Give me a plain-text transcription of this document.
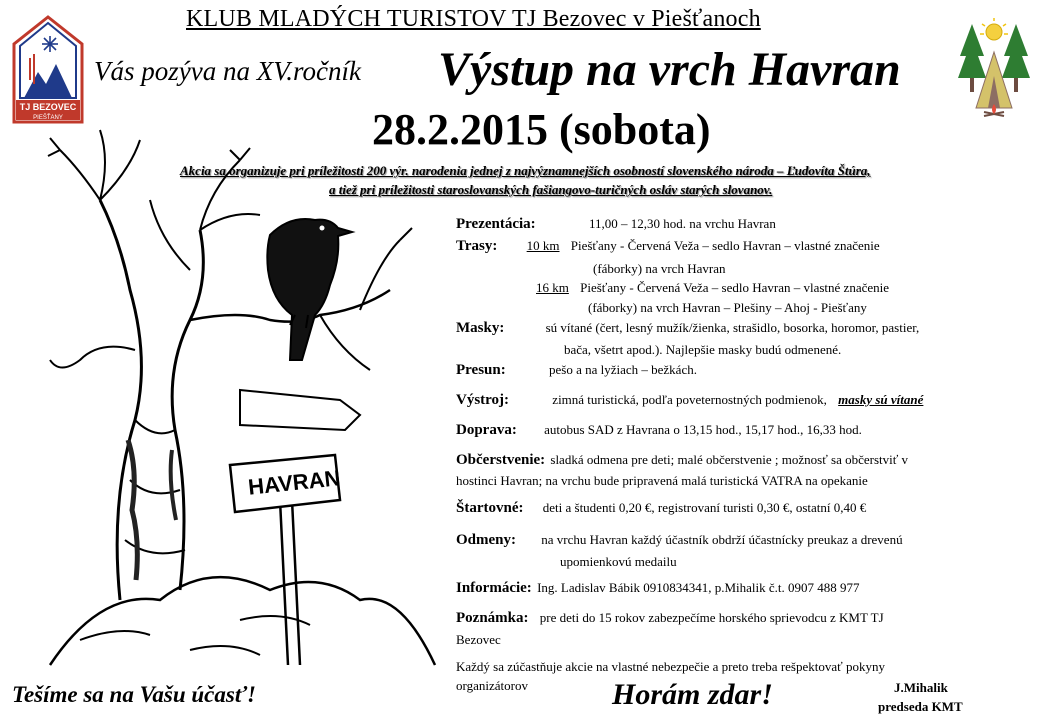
TJ BEZOVEC
PIEŠŤANY
KLUB MLADÝCH TURISTOV TJ Bezovec v Piešťanoch
Vás pozýva na XV.ročník Výstup na vrch Havran
28.2.2015 (sobota)
Akcia sa organizuje pri príležitosti 200 výr. narodenia jednej z najvýznamnejších osobností slovenského národa – Ľudovíta Štúra,
a tiež pri príležitosti staroslovanských fašiangovo-turičných osláv starých slovanov.
HAVRAN
Prezentácia:	11,00 – 12,30 hod. na vrchu Havran
Trasy: 10 km Piešťany - Červená Veža – sedlo Havran – vlastné značenie
(fáborky) na vrch Havran
16 km Piešťany - Červená Veža – sedlo Havran – vlastné značenie
(fáborky) na vrch Havran – Plešiny – Ahoj - Piešťany
Masky:	sú vítané (čert, lesný mužík/žienka, strašidlo, bosorka, horomor, pastier,
bača, všetrt apod.). Najlepšie masky budú odmenené.
Presun:	pešo a na lyžiach – bežkách.
Výstroj:	zimná turistická, podľa poveternostných podmienok, masky sú vítané
Doprava: autobus SAD z Havrana o 13,15 hod., 15,17 hod., 16,33 hod.
Občerstvenie: sladká odmena pre deti; malé občerstvenie ; možnosť sa občerstviť v
hostinci Havran; na vrchu bude pripravená malá turistická VATRA na opekanie
Štartovné: deti a študenti 0,20 €, registrovaní turisti 0,30 €, ostatní 0,40 €
Odmeny: na vrchu Havran každý účastník obdrží účastnícky preukaz a drevenú
upomienkovú medailu
Informácie: Ing. Ladislav Bábik 0910834341, p.Mihalik č.t. 0907 488 977
Poznámka: pre deti do 15 rokov zabezpečíme horského sprievodcu z KMT TJ
Bezovec
Každý sa zúčastňuje akcie na vlastné nebezpečie a preto treba rešpektovať pokyny
organizátorov
Tešíme sa na Vašu účasť!	Horám zdar!	J.Mihalik
predseda KMT
